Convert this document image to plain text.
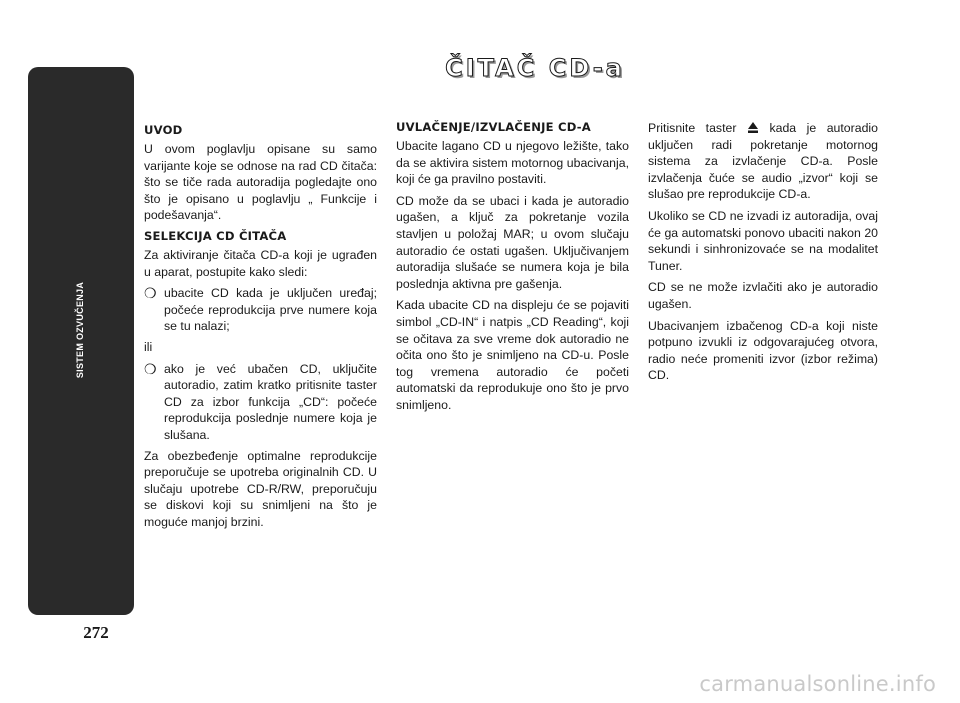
SISTEM OZVUČENJA
272
ČITAČ CD-a
UVOD

U ovom poglavlju opisane su samo varijante koje se odnose na rad CD čitača: što se tiče rada autoradija pogledajte ono što je opisano u poglavlju „ Funkcije i podešavanja“.

SELEKCIJA CD ČITAČA

Za aktiviranje čitača CD-a koji je ugrađen u aparat, postupite kako sledi:

❍ ubacite CD kada je uključen uređaj; počeće reprodukcija prve numere koja se tu nalazi;

ili

❍ ako je već ubačen CD, uključite autoradio, zatim kratko pritisnite taster CD za izbor funkcija „CD“: počeće reprodukcija poslednje numere koja je slušana.

Za obezbeđenje optimalne reprodukcije preporučuje se upotreba originalnih CD. U slučaju upotrebe CD-R/RW, preporučuju se diskovi koji su snimljeni na što je moguće manjoj brzini.

UVLAČENJE/IZVLAČENJE CD-A

Ubacite lagano CD u njegovo ležište, tako da se aktivira sistem motornog ubacivanja, koji će ga pravilno postaviti.

CD može da se ubaci i kada je autoradio ugašen, a ključ za pokretanje vozila stavljen u položaj MAR; u ovom slučaju autoradio će ostati ugašen. Uključivanjem autoradija slušaće se numera koja je bila poslednja aktivna pre gašenja.

Kada ubacite CD na displeju će se pojaviti simbol „CD-IN“ i natpis „CD Reading“, koji se očitava za sve vreme dok autoradio ne očita ono što je snimljeno na CD-u. Posle tog vremena autoradio će početi automatski da reprodukuje ono što je prvo snimljeno.

Pritisnite taster	kada je autoradio uključen radi pokretanje motornog sistema za izvlačenje CD-a. Posle izvlačenja čuće se audio „izvor“ koji se slušao pre reprodukcije CD-a.

Ukoliko se CD ne izvadi iz autoradija, ovaj će ga automatski ponovo ubaciti nakon 20 sekundi i sinhronizovaće se na modalitet Tuner.

CD se ne može izvlačiti ako je autoradio ugašen.

Ubacivanjem izbačenog CD-a koji niste potpuno izvukli iz odgovarajućeg otvora, radio neće promeniti izvor (izbor režima) CD.

carmanualsonline.info
